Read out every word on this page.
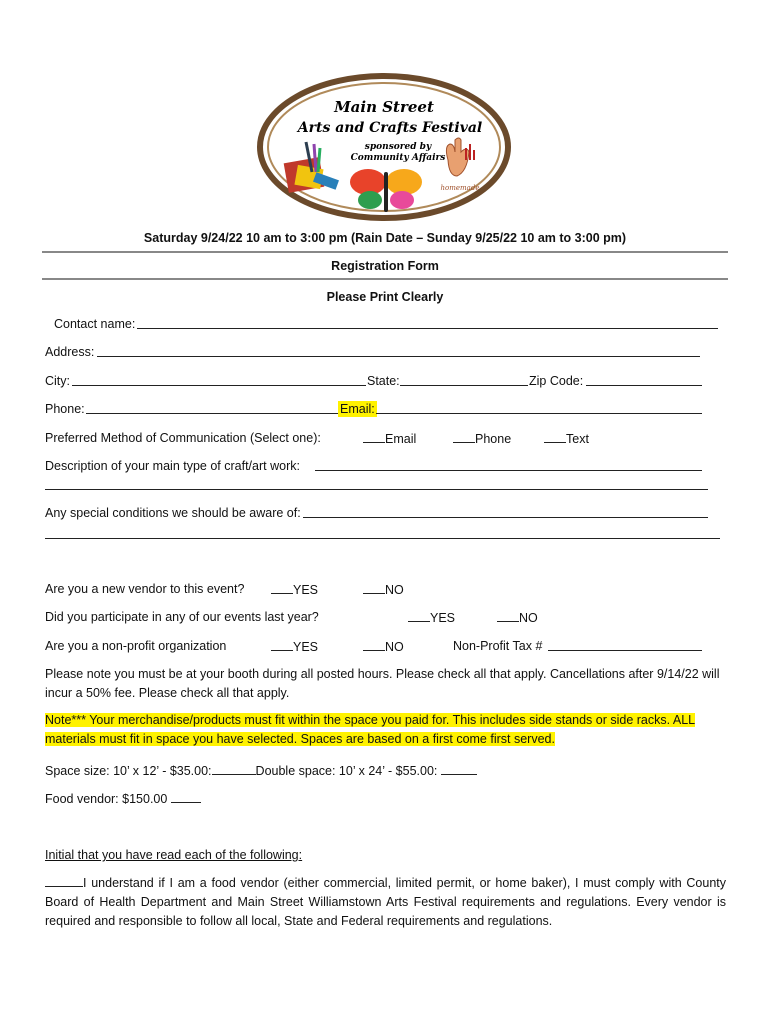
Main Street
Arts and Crafts Festival
sponsored by
Community Affairs
homemade
Saturday 9/24/22 10 am to 3:00 pm (Rain Date – Sunday 9/25/22 10 am to 3:00 pm)
Registration Form
Please Print Clearly
Contact name:
Address:
City:	State:	Zip Code:
Phone:	Email:
Preferred Method of Communication (Select one):	Email	Phone	Text
Description of your main type of craft/art work:
Any special conditions we should be aware of:
Are you a new vendor to this event?	YES	NO
Did you participate in any of our events last year?	YES	NO
Are you a non-profit organization	YES	NO	Non-Profit Tax #
Please note you must be at your booth during all posted hours. Please check all that apply. Cancellations after 9/14/22 will incur a 50% fee. Please check all that apply.
Note*** Your merchandise/products must fit within the space you paid for. This includes side stands or side racks. ALL materials must fit in space you have selected. Spaces are based on a first come first served.
Space size: 10’ x 12’ - $35.00:	Double space: 10’ x 24’ - $55.00:
Food vendor: $150.00
Initial that you have read each of the following:
I understand if I am a food vendor (either commercial, limited permit, or home baker), I must comply with County Board of Health Department and Main Street Williamstown Arts Festival requirements and regulations. Every vendor is required and responsible to follow all local, State and Federal requirements and regulations.
